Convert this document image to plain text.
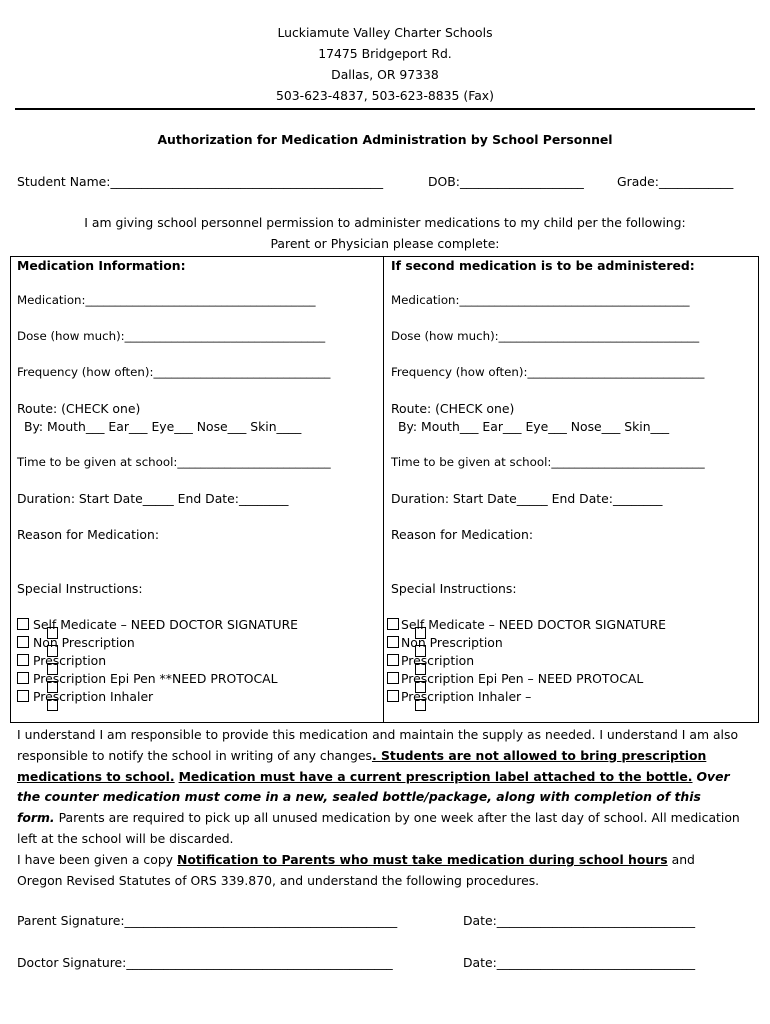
Luckiamute Valley Charter Schools
17475 Bridgeport Rd.
Dallas, OR 97338
503-623-4837, 503-623-8835 (Fax)
Authorization for Medication Administration by School Personnel
Student Name:____________________________________________	DOB:____________________	Grade:____________
I am giving school personnel permission to administer medications to my child per the following:
Parent or Physician please complete:
Medication Information:
Medication:_______________________________________
Dose (how much):__________________________________
Frequency (how often):______________________________
Route: (CHECK one)
By: Mouth___ Ear___ Eye___ Nose___ Skin____
Time to be given at school:__________________________
Duration: Start Date_____ End Date:________
Reason for Medication:
Special Instructions:
Self Medicate – NEED DOCTOR SIGNATURE
Non Prescription
Prescription
Prescription Epi Pen **NEED PROTOCAL
Prescription Inhaler
If second medication is to be administered:
Medication:_______________________________________
Dose (how much):__________________________________
Frequency (how often):______________________________
Route: (CHECK one)
By: Mouth___ Ear___ Eye___ Nose___ Skin___
Time to be given at school:__________________________
Duration: Start Date_____ End Date:________
Reason for Medication:
Special Instructions:
Self Medicate – NEED DOCTOR SIGNATURE
Non Prescription
Prescription
Prescription Epi Pen – NEED PROTOCAL
Prescription Inhaler –
I understand I am responsible to provide this medication and maintain the supply as needed. I understand I am also responsible to notify the school in writing of any changes. Students are not allowed to bring prescription medications to school. Medication must have a current prescription label attached to the bottle. Over the counter medication must come in a new, sealed bottle/package, along with completion of this form. Parents are required to pick up all unused medication by one week after the last day of school. All medication left at the school will be discarded.
I have been given a copy Notification to Parents who must take medication during school hours and Oregon Revised Statutes of ORS 339.870, and understand the following procedures.
Parent Signature:____________________________________________	Date:________________________________
Doctor Signature:___________________________________________	Date:________________________________
